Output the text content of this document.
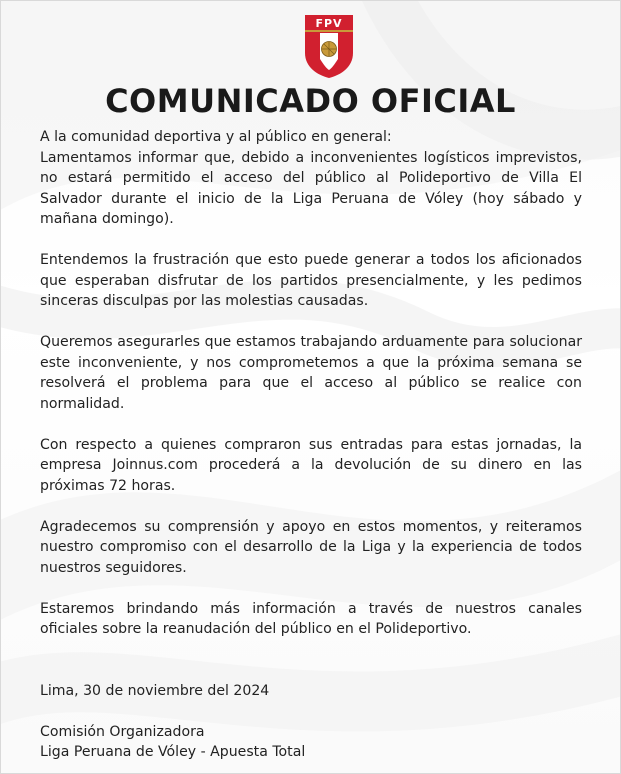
FPV
COMUNICADO OFICIAL

A la comunidad deportiva y al público en general:

Lamentamos informar que, debido a inconvenientes logísticos imprevistos, no estará permitido el acceso del público al Polideportivo de Villa El Salvador durante el inicio de la Liga Peruana de Vóley (hoy sábado y mañana domingo).

Entendemos la frustración que esto puede generar a todos los aficionados que esperaban disfrutar de los partidos presencialmente, y les pedimos sinceras disculpas por las molestias causadas.

Queremos asegurarles que estamos trabajando arduamente para solucionar este inconveniente, y nos comprometemos a que la próxima semana se resolverá el problema para que el acceso al público se realice con normalidad.

Con respecto a quienes compraron sus entradas para estas jornadas, la empresa Joinnus.com procederá a la devolución de su dinero en las próximas 72 horas.

Agradecemos su comprensión y apoyo en estos momentos, y reiteramos nuestro compromiso con el desarrollo de la Liga y la experiencia de todos nuestros seguidores.

Estaremos brindando más información a través de nuestros canales oficiales sobre la reanudación del público en el Polideportivo.

Lima, 30 de noviembre del 2024

Comisión Organizadora

Liga Peruana de Vóley - Apuesta Total
